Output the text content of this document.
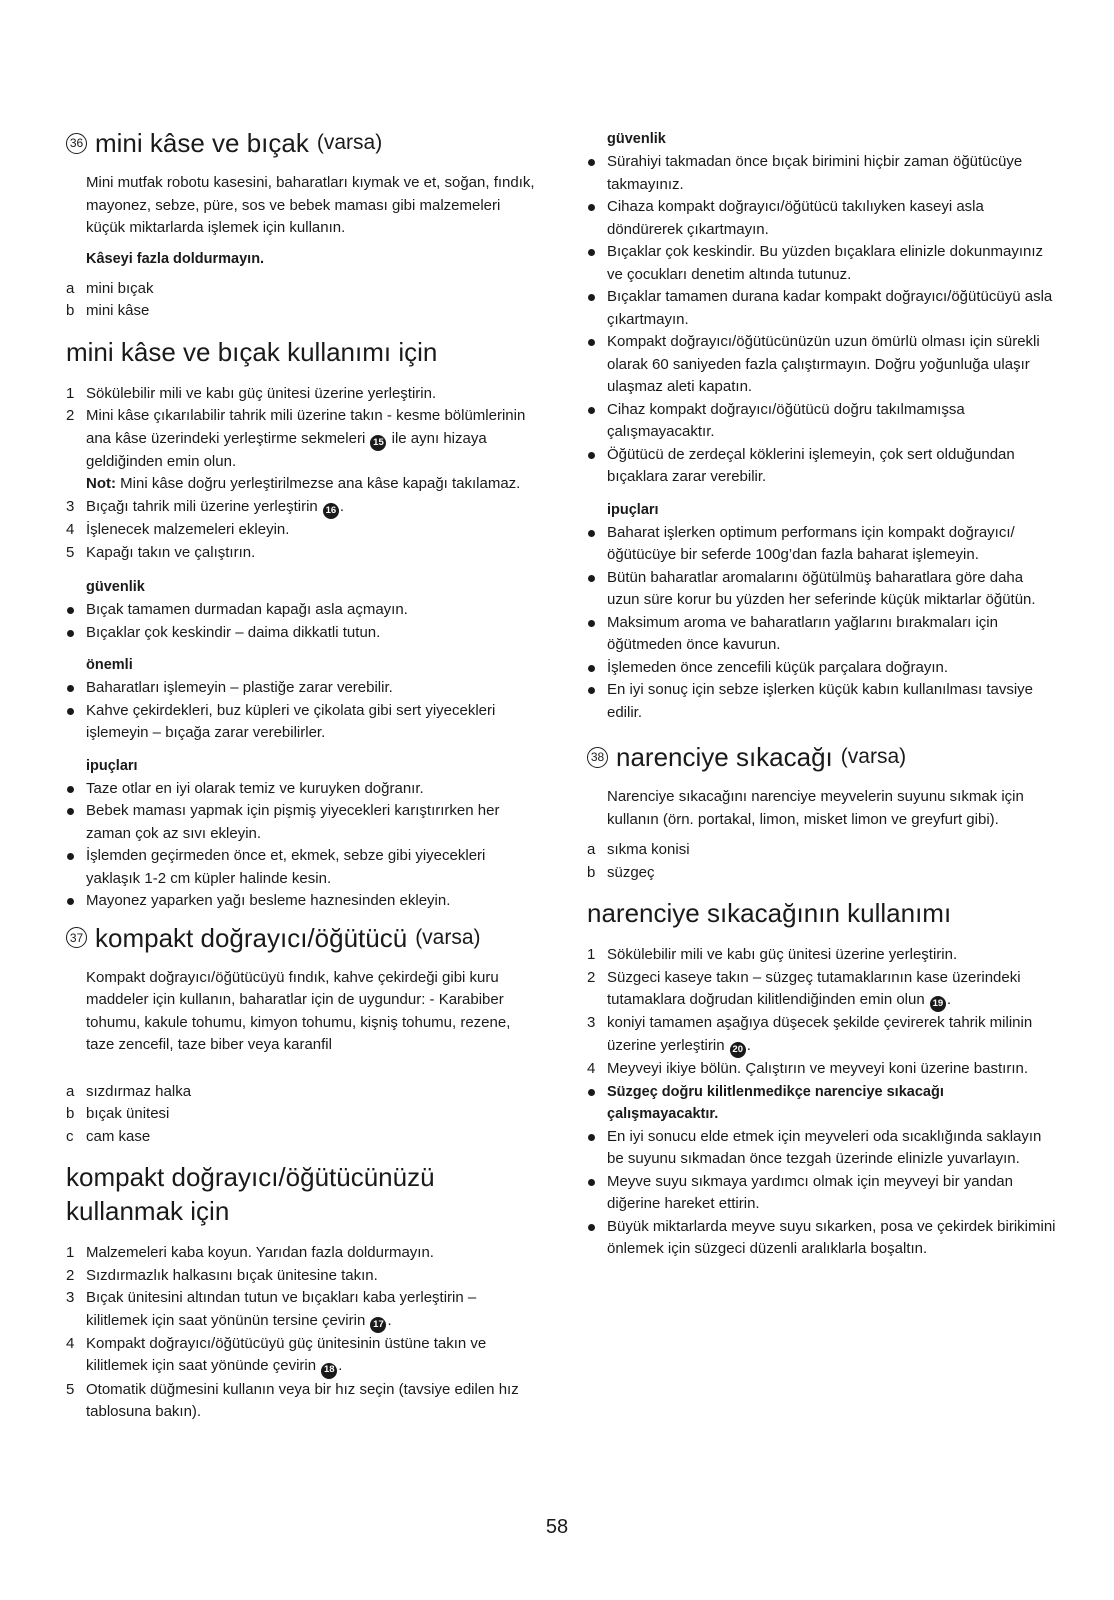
36 mini kâse ve bıçak (varsa)

Mini mutfak robotu kasesini, baharatları kıymak ve et, soğan, fındık, mayonez, sebze, püre, sos ve bebek maması gibi malzemeleri küçük miktarlarda işlemek için kullanın.

Kâseyi fazla doldurmayın.

a mini bıçak
b mini kâse
mini kâse ve bıçak kullanımı için
1 Sökülebilir mili ve kabı güç ünitesi üzerine yerleştirin.
2 Mini kâse çıkarılabilir tahrik mili üzerine takın - kesme bölümlerinin ana kâse üzerindeki yerleştirme sekmeleri 15 ile aynı hizaya geldiğinden emin olun.
Not: Mini kâse doğru yerleştirilmezse ana kâse kapağı takılamaz.
3 Bıçağı tahrik mili üzerine yerleştirin 16 .
4 İşlenecek malzemeleri ekleyin.
5 Kapağı takın ve çalıştırın.

güvenlik

Bıçak tamamen durmadan kapağı asla açmayın.
Bıçaklar çok keskindir – daima dikkatli tutun.

önemli

Baharatları işlemeyin – plastiğe zarar verebilir.
Kahve çekirdekleri, buz küpleri ve çikolata gibi sert yiyecekleri işlemeyin – bıçağa zarar verebilirler.

ipuçları

Taze otlar en iyi olarak temiz ve kuruyken doğranır.
Bebek maması yapmak için pişmiş yiyecekleri karıştırırken her zaman çok az sıvı ekleyin.
İşlemden geçirmeden önce et, ekmek, sebze gibi yiyecekleri yaklaşık 1-2 cm küpler halinde kesin.
Mayonez yaparken yağı besleme haznesinden ekleyin.
37 kompakt doğrayıcı/öğütücü (varsa)

Kompakt doğrayıcı/öğütücüyü fındık, kahve çekirdeği gibi kuru maddeler için kullanın, baharatlar için de uygundur: - Karabiber tohumu, kakule tohumu, kimyon tohumu, kişniş tohumu, rezene, taze zencefil, taze biber veya karanfil

a sızdırmaz halka
b bıçak ünitesi
c cam kase
kompakt doğrayıcı/öğütücünüzü
kullanmak için
1 Malzemeleri kaba koyun. Yarıdan fazla doldurmayın.
2 Sızdırmazlık halkasını bıçak ünitesine takın.
3 Bıçak ünitesini altından tutun ve bıçakları kaba yerleştirin – kilitlemek için saat yönünün tersine çevirin 17 .
4 Kompakt doğrayıcı/öğütücüyü güç ünitesinin üstüne takın ve kilitlemek için saat yönünde çevirin 18 .
5 Otomatik düğmesini kullanın veya bir hız seçin (tavsiye edilen hız tablosuna bakın).

güvenlik

Sürahiyi takmadan önce bıçak birimini hiçbir zaman öğütücüye takmayınız.
Cihaza kompakt doğrayıcı/öğütücü takılıyken kaseyi asla döndürerek çıkartmayın.
Bıçaklar çok keskindir. Bu yüzden bıçaklara elinizle dokunmayınız ve çocukları denetim altında tutunuz.
Bıçaklar tamamen durana kadar kompakt doğrayıcı/öğütücüyü asla çıkartmayın.
Kompakt doğrayıcı/öğütücünüzün uzun ömürlü olması için sürekli olarak 60 saniyeden fazla çalıştırmayın. Doğru yoğunluğa ulaşır ulaşmaz aleti kapatın.
Cihaz kompakt doğrayıcı/öğütücü doğru takılmamışsa çalışmayacaktır.
Öğütücü de zerdeçal köklerini işlemeyin, çok sert olduğundan bıçaklara zarar verebilir.

ipuçları

Baharat işlerken optimum performans için kompakt doğrayıcı/öğütücüye bir seferde 100g’dan fazla baharat işlemeyin.
Bütün baharatlar aromalarını öğütülmüş baharatlara göre daha uzun süre korur bu yüzden her seferinde küçük miktarlar öğütün.
Maksimum aroma ve baharatların yağlarını bırakmaları için öğütmeden önce kavurun.
İşlemeden önce zencefili küçük parçalara doğrayın.
En iyi sonuç için sebze işlerken küçük kabın kullanılması tavsiye edilir.
38 narenciye sıkacağı (varsa)

Narenciye sıkacağını narenciye meyvelerin suyunu sıkmak için kullanın (örn. portakal, limon, misket limon ve greyfurt gibi).

a sıkma konisi
b süzgeç
narenciye sıkacağının kullanımı
1 Sökülebilir mili ve kabı güç ünitesi üzerine yerleştirin.
2 Süzgeci kaseye takın – süzgeç tutamaklarının kase üzerindeki tutamaklara doğrudan kilitlendiğinden emin olun 19 .
3 koniyi tamamen aşağıya düşecek şekilde çevirerek tahrik milinin üzerine yerleştirin 20 .
4 Meyveyi ikiye bölün. Çalıştırın ve meyveyi koni üzerine bastırın.
Süzgeç doğru kilitlenmedikçe narenciye sıkacağı çalışmayacaktır.
En iyi sonucu elde etmek için meyveleri oda sıcaklığında saklayın be suyunu sıkmadan önce tezgah üzerinde elinizle yuvarlayın.
Meyve suyu sıkmaya yardımcı olmak için meyveyi bir yandan diğerine hareket ettirin.
Büyük miktarlarda meyve suyu sıkarken, posa ve çekirdek birikimini önlemek için süzgeci düzenli aralıklarla boşaltın.
58
